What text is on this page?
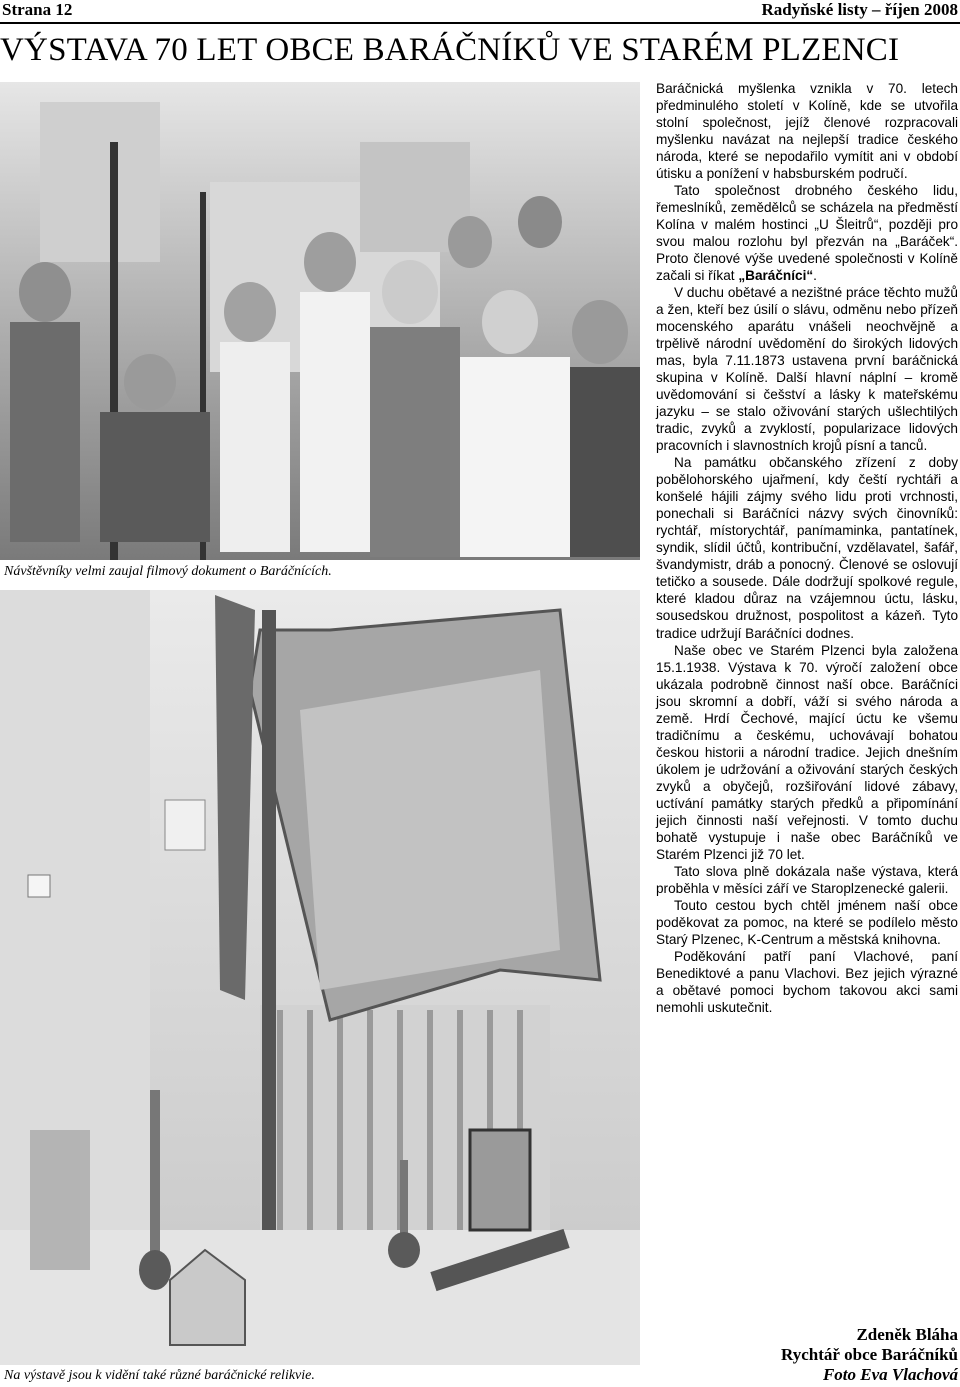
Strana 12	Radyňské listy – říjen 2008
VÝSTAVA 70 LET OBCE BARÁČNÍKŮ VE STARÉM PLZENCI
Návštěvníky velmi zaujal filmový dokument o Baráčnících.
Na výstavě jsou k vidění také různé baráčnické relikvie.

Baráčnická myšlenka vznikla v 70. letech předminulého století v Kolíně, kde se utvořila stolní společnost, jejíž členové rozpracovali myšlenku navázat na nejlepší tradice českého národa, které se nepodařilo vymítit ani v období útisku a ponížení v habsburském područí.

Tato společnost drobného českého lidu, řemeslníků, zemědělců se scházela na předměstí Kolína v malém hostinci „U Šleitrů“, později pro svou malou rozlohu byl přezván na „Baráček“. Proto členové výše uvedené společnosti v Kolíně začali si říkat „Baráčníci“.

V duchu obětavé a nezištné práce těchto mužů a žen, kteří bez úsilí o slávu, odměnu nebo přízeň mocenského aparátu vnášeli neochvějně a trpělivě národní uvědomění do širokých lidových mas, byla 7.11.1873 ustavena první baráčnická skupina v Kolíně. Další hlavní náplní – kromě uvědomování si češství a lásky k mateřskému jazyku – se stalo oživování starých ušlechtilých tradic, zvyků a zvyklostí, popularizace lidových pracovních i slavnostních krojů písní a tanců.

Na památku občanského zřízení z doby pobělohorského ujařmení, kdy čeští rychtáři a konšelé hájili zájmy svého lidu proti vrchnosti, ponechali si Baráčníci názvy svých činovníků: rychtář, místorychtář, panímaminka, pantatínek, syndik, slídil účtů, kontribuční, vzdělavatel, šafář, švandymistr, dráb a ponocný. Členové se oslovují tetičko a sousede. Dále dodržují spolkové regule, které kladou důraz na vzájemnou úctu, lásku, sousedskou družnost, pospolitost a kázeň. Tyto tradice udržují Baráčníci dodnes.

Naše obec ve Starém Plzenci byla založena 15.1.1938. Výstava k 70. výročí založení obce ukázala podrobně činnost naší obce. Baráčníci jsou skromní a dobří, váží si svého národa a země. Hrdí Čechové, mající úctu ke všemu tradičnímu a českému, uchovávají bohatou českou historii a národní tradice. Jejich dnešním úkolem je udržování a oživování starých českých zvyků a obyčejů, rozšiřování lidové zábavy, uctívání památky starých předků a připomínání jejich činnosti naší veřejnosti. V tomto duchu bohatě vystupuje i naše obec Baráčníků ve Starém Plzenci již 70 let.

Tato slova plně dokázala naše výstava, která proběhla v měsíci září ve Staroplzenecké galerii.

Touto cestou bych chtěl jménem naší obce poděkovat za pomoc, na které se podílelo město Starý Plzenec, K-Centrum a městská knihovna.

Poděkování patří paní Vlachové, paní Benediktové a panu Vlachovi. Bez jejich výrazné a obětavé pomoci bychom takovou akci sami nemohli uskutečnit.

Zdeněk Bláha
Rychtář obce Baráčníků
Foto Eva Vlachová
